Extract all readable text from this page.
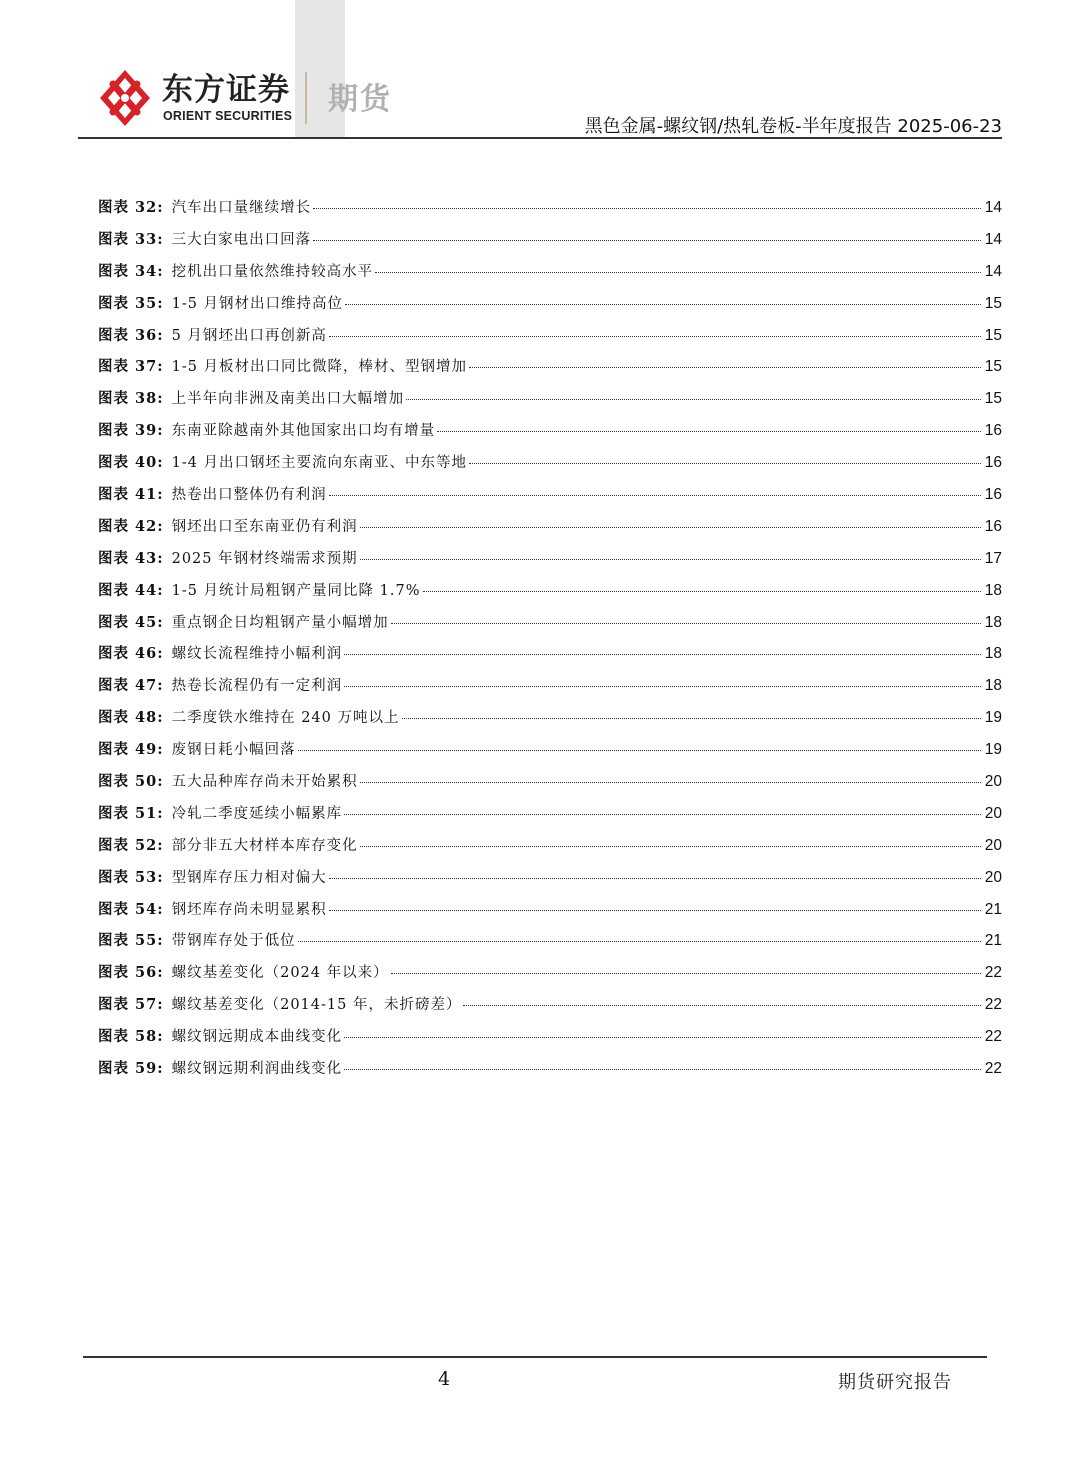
东方证券
ORIENT SECURITIES 期货
黑色金属-螺纹钢/热轧卷板-半年度报告 2025-06-23
图表 32: 汽车出口量继续增长	14
图表 33: 三大白家电出口回落	14
图表 34: 挖机出口量依然维持较高水平	14
图表 35: 1-5 月钢材出口维持高位	15
图表 36: 5 月钢坯出口再创新高	15
图表 37: 1-5 月板材出口同比微降，棒材、型钢增加	15
图表 38: 上半年向非洲及南美出口大幅增加	15
图表 39: 东南亚除越南外其他国家出口均有增量	16
图表 40: 1-4 月出口钢坯主要流向东南亚、中东等地	16
图表 41: 热卷出口整体仍有利润	16
图表 42: 钢坯出口至东南亚仍有利润	16
图表 43: 2025 年钢材终端需求预期	17
图表 44: 1-5 月统计局粗钢产量同比降 1.7%	18
图表 45: 重点钢企日均粗钢产量小幅增加	18
图表 46: 螺纹长流程维持小幅利润	18
图表 47: 热卷长流程仍有一定利润	18
图表 48: 二季度铁水维持在 240 万吨以上	19
图表 49: 废钢日耗小幅回落	19
图表 50: 五大品种库存尚未开始累积	20
图表 51: 冷轧二季度延续小幅累库	20
图表 52: 部分非五大材样本库存变化	20
图表 53: 型钢库存压力相对偏大	20
图表 54: 钢坯库存尚未明显累积	21
图表 55: 带钢库存处于低位	21
图表 56: 螺纹基差变化（2024 年以来）	22
图表 57: 螺纹基差变化（2014-15 年，未折磅差）	22
图表 58: 螺纹钢远期成本曲线变化	22
图表 59: 螺纹钢远期利润曲线变化	22
4	期货研究报告
